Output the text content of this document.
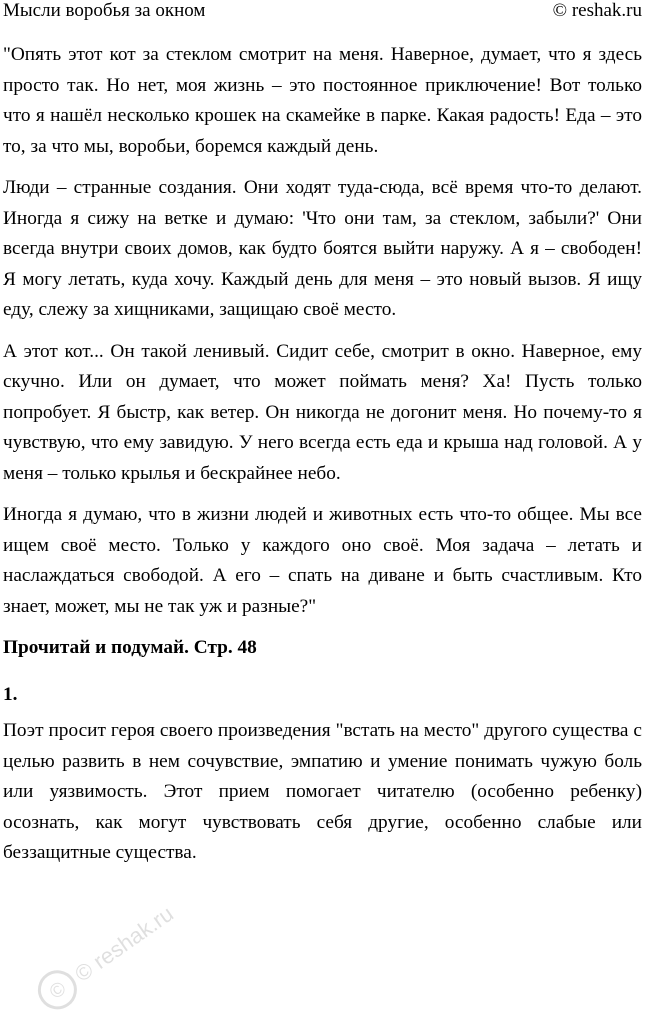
Мысли воробья за окном	© reshak.ru

"Опять этот кот за стеклом смотрит на меня. Наверное, думает, что я здесь просто так. Но нет, моя жизнь – это постоянное приключение! Вот только что я нашёл несколько крошек на скамейке в парке. Какая радость! Еда – это то, за что мы, воробьи, боремся каждый день.

Люди – странные создания. Они ходят туда-сюда, всё время что-то делают. Иногда я сижу на ветке и думаю: 'Что они там, за стеклом, забыли?' Они всегда внутри своих домов, как будто боятся выйти наружу. А я – свободен! Я могу летать, куда хочу. Каждый день для меня – это новый вызов. Я ищу еду, слежу за хищниками, защищаю своё место.

А этот кот... Он такой ленивый. Сидит себе, смотрит в окно. Наверное, ему скучно. Или он думает, что может поймать меня? Ха! Пусть только попробует. Я быстр, как ветер. Он никогда не догонит меня. Но почему-то я чувствую, что ему завидую. У него всегда есть еда и крыша над головой. А у меня – только крылья и бескрайнее небо.

Иногда я думаю, что в жизни людей и животных есть что-то общее. Мы все ищем своё место. Только у каждого оно своё. Моя задача – летать и наслаждаться свободой. А его – спать на диване и быть счастливым. Кто знает, может, мы не так уж и разные?"

Прочитай и подумай. Стр. 48
1.

Поэт просит героя своего произведения "встать на место" другого существа с целью развить в нем сочувствие, эмпатию и умение понимать чужую боль или уязвимость. Этот прием помогает читателю (особенно ребенку) осознать, как могут чувствовать себя другие, особенно слабые или беззащитные существа.

©
© reshak.ru
